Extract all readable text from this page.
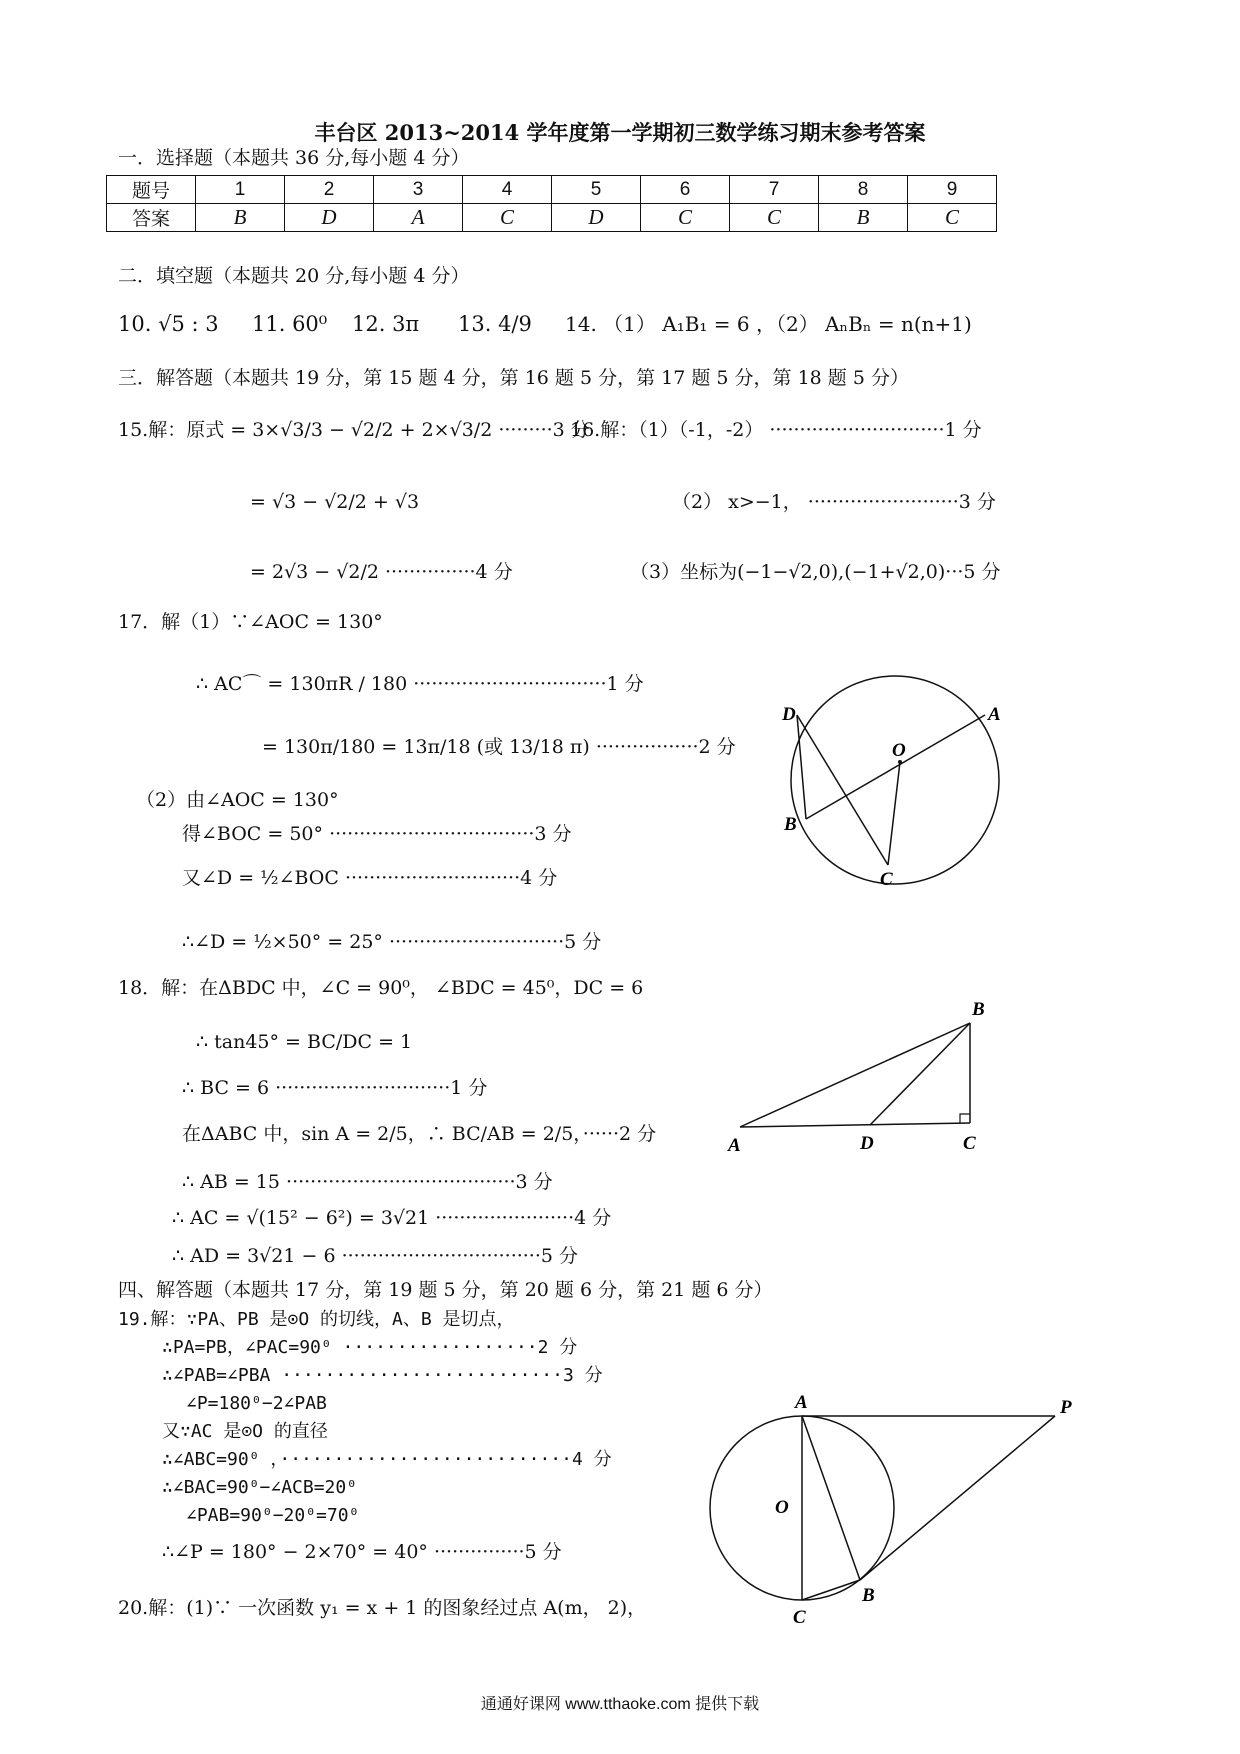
丰台区 2013~2014 学年度第一学期初三数学练习期末参考答案
一．选择题（本题共 36 分,每小题 4 分）
题号	1	2	3	4	5	6	7	8	9
答案	B	D	A	C	D	C	C	B	C
二．填空题（本题共 20 分,每小题 4 分）
10. √5 : 3 11. 60⁰ 12. 3π 13. 4/9 14. （1） A₁B₁ = 6 ，（2） AₙBₙ = n(n+1)
三．解答题（本题共 19 分，第 15 题 4 分，第 16 题 5 分，第 17 题 5 分，第 18 题 5 分）
15.解：原式 = 3×√3/3 − √2/2 + 2×√3/2 ·········3 分
= √3 − √2/2 + √3
= 2√3 − √2/2 ···············4 分
16.解：（1）（-1，-2） ·····························1 分
（2） x>−1， ·························3 分
（3）坐标为(−1−√2,0),(−1+√2,0)···5 分
17．解（1）∵∠AOC = 130°
∴ AC⌒ = 130πR / 180 ································1 分
= 130π/180 = 13π/18 (或 13/18 π) ·················2 分
（2）由∠AOC = 130°
得∠BOC = 50° ··································3 分
又∠D = ½∠BOC ·····························4 分
∴∠D = ½×50° = 25° ·····························5 分
18．解：在ΔBDC 中，∠C = 90⁰， ∠BDC = 45⁰，DC = 6
∴ tan45° = BC/DC = 1
∴ BC = 6 ·····························1 分
在ΔABC 中，sin A = 2/5，∴ BC/AB = 2/5，······2 分
∴ AB = 15 ······································3 分
∴ AC = √(15² − 6²) = 3√21 ·······················4 分
∴ AD = 3√21 − 6 ·································5 分
四、解答题（本题共 17 分，第 19 题 5 分，第 20 题 6 分，第 21 题 6 分）
19.解：∵PA、PB 是⊙O 的切线，A、B 是切点，
∴PA=PB，∠PAC=90⁰ ··················2 分
∴∠PAB=∠PBA ··························3 分
∠P=180⁰−2∠PAB
又∵AC 是⊙O 的直径
∴∠ABC=90⁰ ，···························4 分
∴∠BAC=90⁰−∠ACB=20⁰
∠PAB=90⁰−20⁰=70⁰
∴∠P = 180° − 2×70° = 40° ···············5 分
20.解：(1)∵ 一次函数 y₁ = x + 1 的图象经过点 A(m， 2)，
D	A
O
B
C
B
A	D	C
A	P
O
B
C
通通好课网 www.tthaoke.com 提供下载
